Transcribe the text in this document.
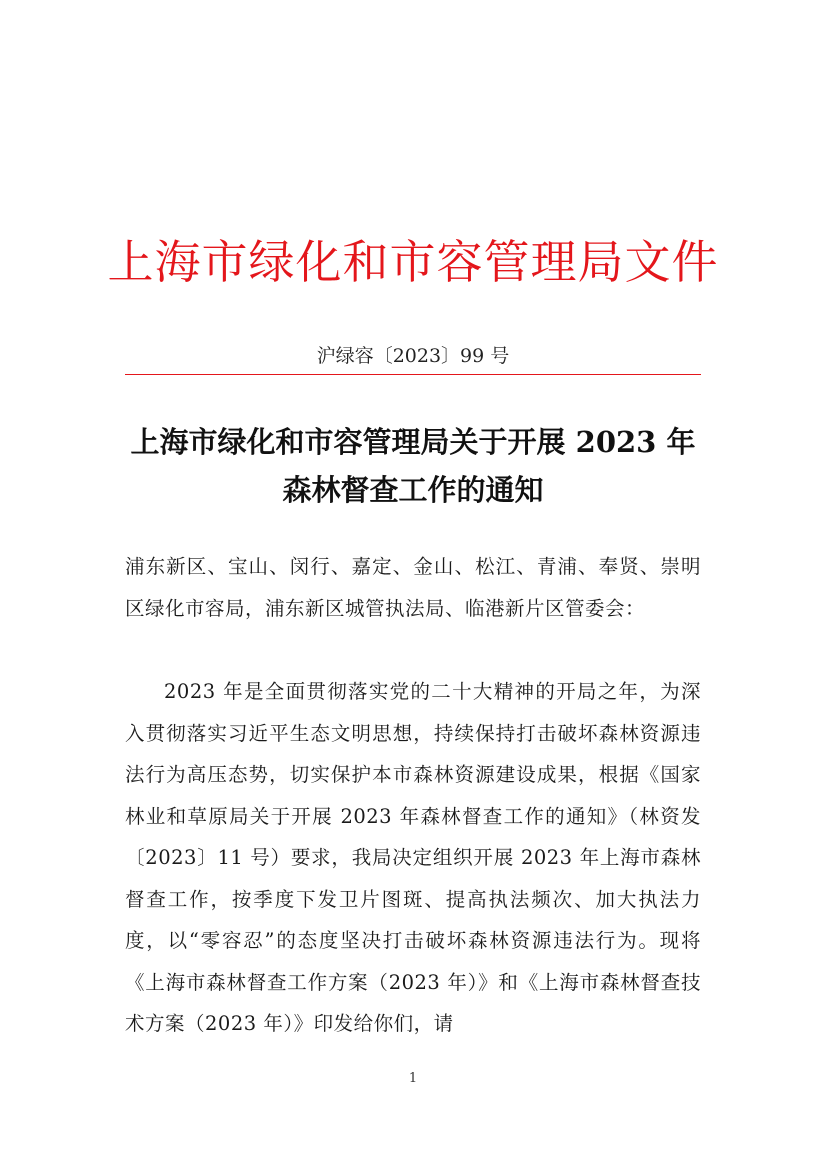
上海市绿化和市容管理局文件
沪绿容〔2023〕99 号
上海市绿化和市容管理局关于开展 2023 年
森林督查工作的通知
浦东新区、宝山、闵行、嘉定、金山、松江、青浦、奉贤、崇明区绿化市容局，浦东新区城管执法局、临港新片区管委会：
2023 年是全面贯彻落实党的二十大精神的开局之年，为深入贯彻落实习近平生态文明思想，持续保持打击破坏森林资源违法行为高压态势，切实保护本市森林资源建设成果，根据《国家林业和草原局关于开展 2023 年森林督查工作的通知》（林资发〔2023〕11 号）要求，我局决定组织开展 2023 年上海市森林督查工作，按季度下发卫片图斑、提高执法频次、加大执法力度，以“零容忍”的态度坚决打击破坏森林资源违法行为。现将《上海市森林督查工作方案（2023 年）》和《上海市森林督查技术方案（2023 年）》印发给你们，请
1
